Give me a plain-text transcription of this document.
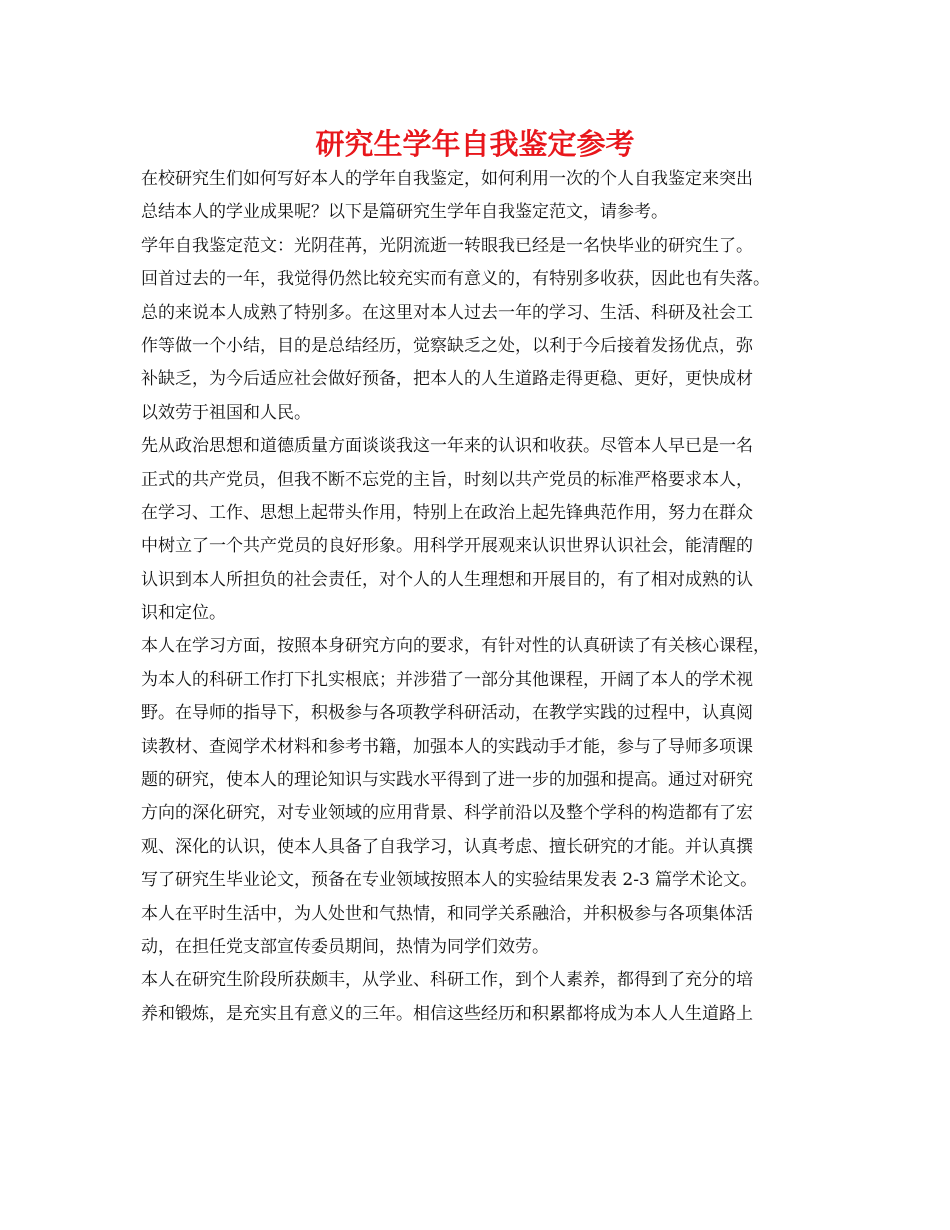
研究生学年自我鉴定参考
在校研究生们如何写好本人的学年自我鉴定，如何利用一次的个人自我鉴定来突出
总结本人的学业成果呢？以下是篇研究生学年自我鉴定范文，请参考。
学年自我鉴定范文：光阴荏苒，光阴流逝一转眼我已经是一名快毕业的研究生了。
回首过去的一年，我觉得仍然比较充实而有意义的，有特别多收获，因此也有失落。
总的来说本人成熟了特别多。在这里对本人过去一年的学习、生活、科研及社会工
作等做一个小结，目的是总结经历，觉察缺乏之处，以利于今后接着发扬优点，弥
补缺乏，为今后适应社会做好预备，把本人的人生道路走得更稳、更好，更快成材
以效劳于祖国和人民。
先从政治思想和道德质量方面谈谈我这一年来的认识和收获。尽管本人早已是一名
正式的共产党员，但我不断不忘党的主旨，时刻以共产党员的标准严格要求本人，
在学习、工作、思想上起带头作用，特别上在政治上起先锋典范作用，努力在群众
中树立了一个共产党员的良好形象。用科学开展观来认识世界认识社会，能清醒的
认识到本人所担负的社会责任，对个人的人生理想和开展目的，有了相对成熟的认
识和定位。
本人在学习方面，按照本身研究方向的要求，有针对性的认真研读了有关核心课程，
为本人的科研工作打下扎实根底；并涉猎了一部分其他课程，开阔了本人的学术视
野。在导师的指导下，积极参与各项教学科研活动，在教学实践的过程中，认真阅
读教材、查阅学术材料和参考书籍，加强本人的实践动手才能，参与了导师多项课
题的研究，使本人的理论知识与实践水平得到了进一步的加强和提高。通过对研究
方向的深化研究，对专业领域的应用背景、科学前沿以及整个学科的构造都有了宏
观、深化的认识，使本人具备了自我学习，认真考虑、擅长研究的才能。并认真撰
写了研究生毕业论文，预备在专业领域按照本人的实验结果发表 2-3 篇学术论文。
本人在平时生活中，为人处世和气热情，和同学关系融洽，并积极参与各项集体活
动，在担任党支部宣传委员期间，热情为同学们效劳。
本人在研究生阶段所获颇丰，从学业、科研工作，到个人素养，都得到了充分的培
养和锻炼，是充实且有意义的三年。相信这些经历和积累都将成为本人人生道路上
